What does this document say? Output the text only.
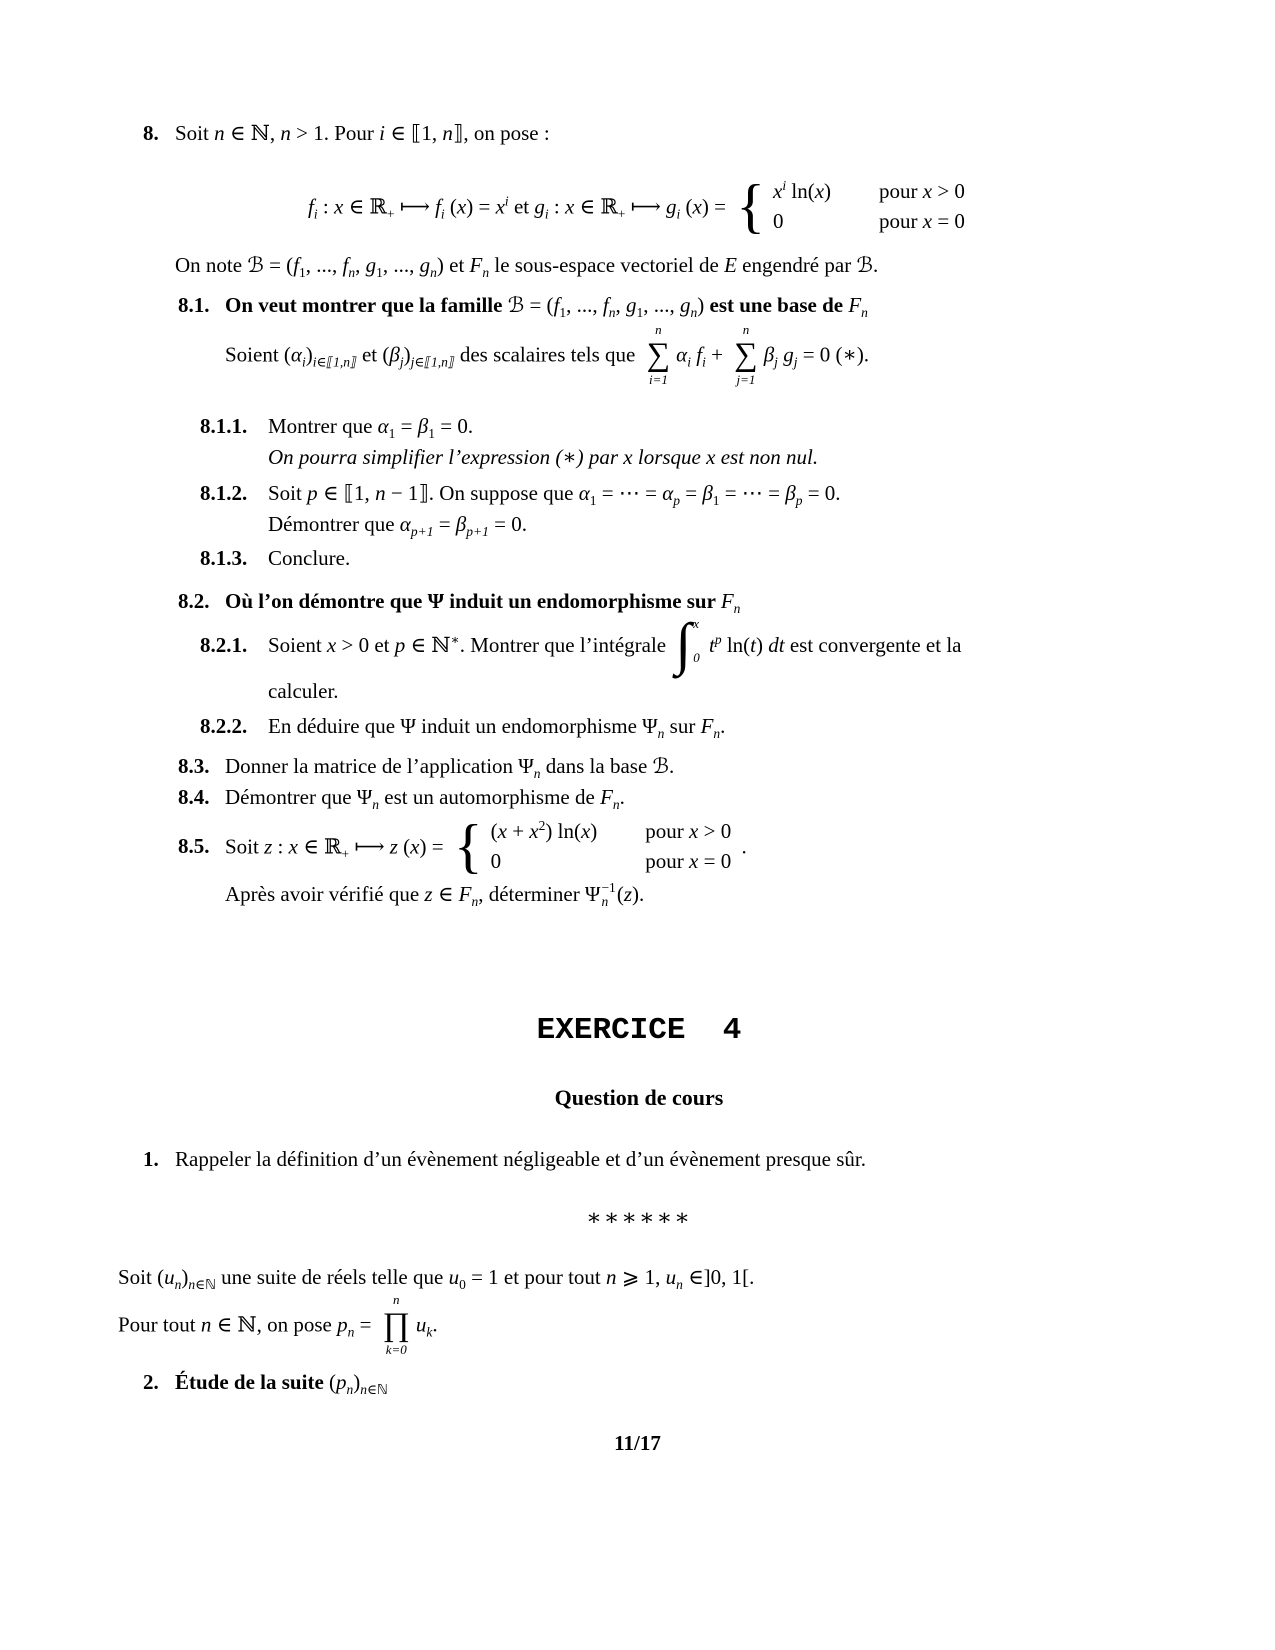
8. Soit n ∈ ℕ, n > 1. Pour i ∈ ⟦1, n⟧, on pose :
$f_i$ : x ∈ ℝ$_+$ ⟼ $f_i$ $(x) = x^i$ et $g_i$ : x ∈ ℝ$_+$ ⟼ $g_i$ (x) = { $x^i$ ln(x) pour x > 0
0	pour x = 0
On note ℬ = ($f_1$, ..., $f_n$, $g_1$, ..., $g_n$) et $F_n$ le sous-espace vectoriel de E engendré par ℬ.
8.1. On veut montrer que la famille ℬ = ($f_1$, ..., $f_n$, $g_1$, ..., $g_n$) est une base de $F_n$
Soient $(\alpha_i)_{i\in⟦1,n⟧}$ et $(\beta_j)_{j\in⟦1,n⟧}$ des scalaires tels que
n
∑
i=1
$\alpha_i$ $f_i$ +
n
∑
j=1
$\beta_j$ $g_j = 0$ (∗).
8.1.1. Montrer que $\alpha_1 = \beta_1 = 0$.
On pourra simplifier l’expression (∗) par x lorsque x est non nul.
8.1.2. Soit p ∈ ⟦1, n − 1⟧. On suppose que $\alpha_1$ = ⋯ = $\alpha_p = \beta_1$ = ⋯ = $\beta_p = 0$.
Démontrer que $\alpha_{p+1} = \beta_{p+1} = 0$.
8.1.3. Conclure.
8.2. Où l’on démontre que Ψ induit un endomorphisme sur $F_n$
8.2.1. Soient x > 0 et p ∈ ℕ∗. Montrer que l’intégrale ∫ x
0
$t^p$ ln(t) dt est convergente et la
calculer.
8.2.2. En déduire que Ψ induit un endomorphisme $\Psi_n$ sur $F_n$.
8.3. Donner la matrice de l’application $\Psi_n$ dans la base ℬ.
8.4. Démontrer que $\Psi_n$ est un automorphisme de $F_n$.
8.5. Soit z : x ∈ ℝ$_+$ ⟼ z (x) = { $(x + x^2)$ ln(x) pour x > 0
0	pour x = 0
.
Après avoir vérifié que z ∈ $F_n$, déterminer Ψ −1
n (z).
EXERCICE  4
Question de cours
1. Rappeler la définition d’un évènement négligeable et d’un évènement presque sûr.
∗∗∗∗∗∗
Soit $(u_n)_{n\in ℕ}$ une suite de réels telle que $u_0 = 1$ et pour tout n ⩾ 1, $u_n$ ∈]0, 1[.
Pour tout n ∈ ℕ, on pose $p_n$ =
n
∏
k=0
$u_k$.
2. Étude de la suite $(p_n)_{n\in ℕ}$
11/17
